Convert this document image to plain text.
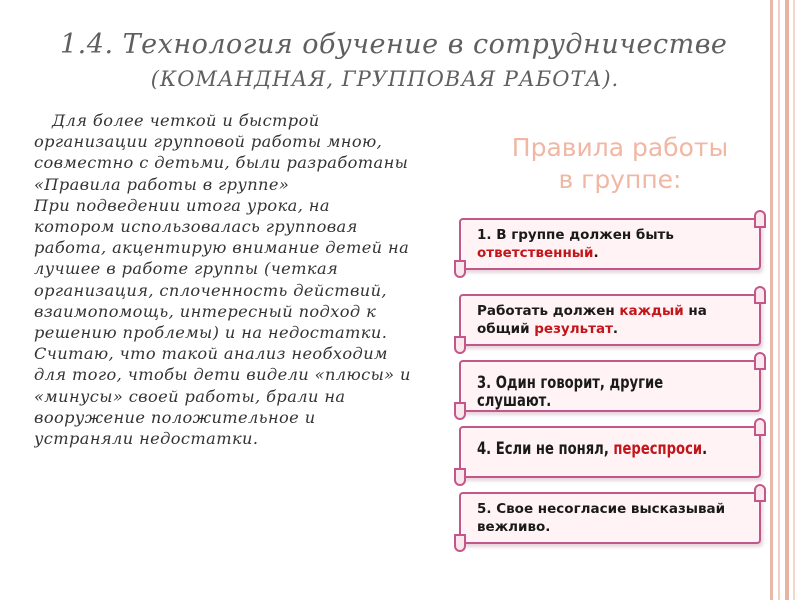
1.4. Технология обучение в сотрудничестве
(КОМАНДНАЯ, ГРУППОВАЯ РАБОТА).
Для более четкой и быстрой
организации групповой работы мною,
совместно с детьми, были разработаны
«Правила работы в группе»
При подведении итога урока, на
котором использовалась групповая
работа, акцентирую внимание детей на
лучшее в работе группы (четкая
организация, сплоченность действий,
взаимопомощь, интересный подход к
решению проблемы) и на недостатки.
Считаю, что такой анализ необходим
для того, чтобы дети видели «плюсы» и
«минусы» своей работы, брали на
вооружение положительное и
устраняли недостатки.
Правила работы
в группе:
1. В группе должен быть
ответственный.
Работать должен каждый на
общий результат.
3. Один говорит, другие слушают.
4. Если не понял, переспроси.
5. Свое несогласие высказывай
вежливо.
